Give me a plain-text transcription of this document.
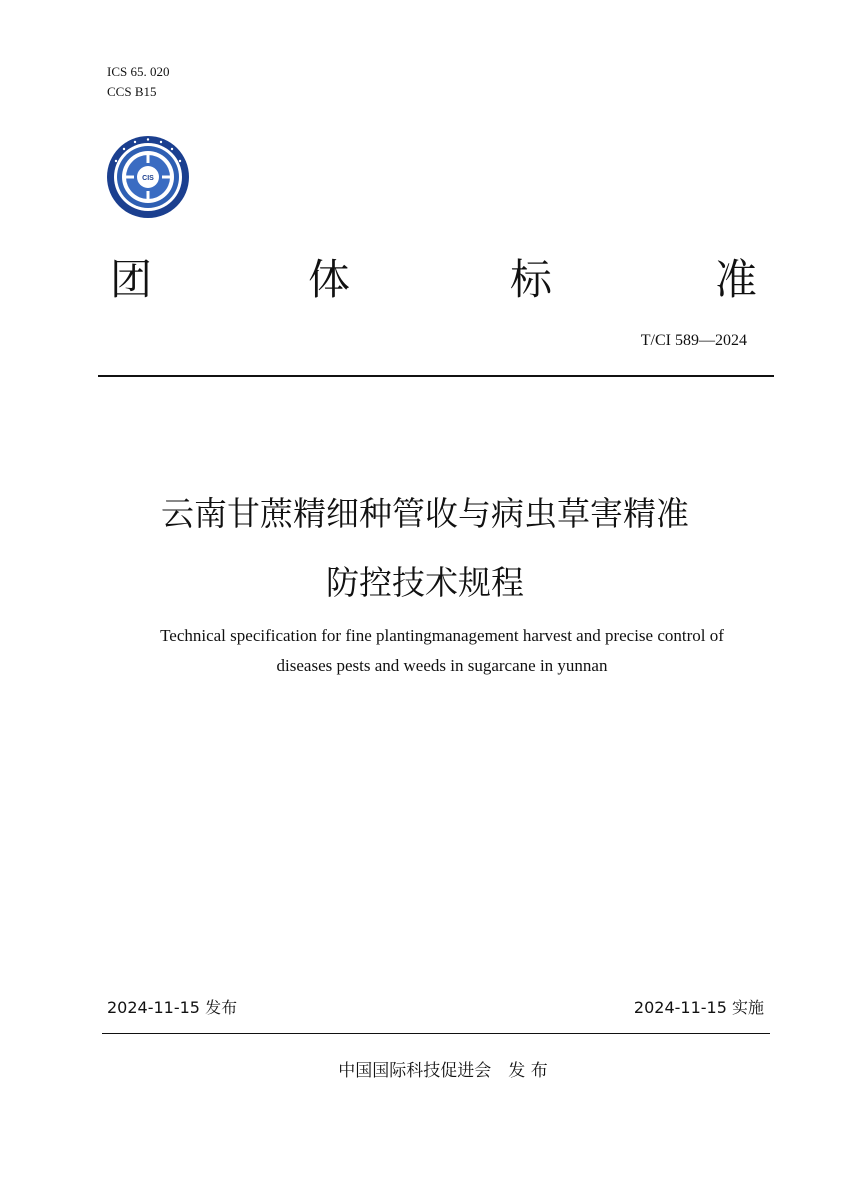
ICS 65. 020
CCS B15
CIS
团	体	标	准
T/CI 589—2024
云南甘蔗精细种管收与病虫草害精准
防控技术规程
Technical specification for fine plantingmanagement harvest and precise control of
diseases pests and weeds in sugarcane in yunnan
2024-11-15 发布	2024-11-15 实施
中国国际科技促进会　发 布
